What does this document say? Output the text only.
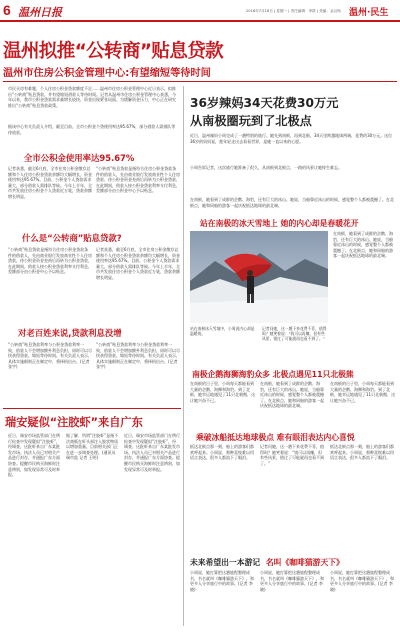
6 温州日报	2016年7月18日 | 星期一 | 责任编辑：李群 | 美编：金汉尚 温州·民生
温州拟推“公转商”贴息贷款
温州市住房公积金管理中心:有望缩短等待时间
市民买房有难题，个人住房公积金贷款额度不足……温州市住房公积金管理中心近日表示，拟推出“公转商”贴息贷款，并有望缩短借款人等待时间。记者从温州市住房公积金管理中心获悉，今年以来，我市公积金贷款需求量增长较快，资金出现紧张局面。为缓解资金压力，中心正在研究推出“公转商”贴息贷款政策。
据该中心有关负责人介绍，截至目前，全市公积金个贷使用率达95.67%，部分借款人需排队等待放款。
全市公积金使用率达95.67%
记者获悉，截至6月底，全市住房公积金缴存总额和个人住房公积金贷款余额均大幅增长，资金使用率达95.67%。目前，公积金个人贷款需求量大，部分借款人需排队等候。今年上半年，全市共发放住房公积金个人贷款近万笔，贷款余额增长明显。
“公转商”贴息贷款是指符合住房公积金贷款条件的借款人，先由商业银行发放商业性个人住房贷款，待公积金资金充裕后再转为公积金贷款，在此期间，借款人按公积金贷款利率支付利息，差额部分由公积金中心予以贴息。
什么是“公转商”贴息贷款?
“公转商”贴息贷款是指符合住房公积金贷款条件的借款人，先由商业银行发放商业性个人住房贷款，待公积金资金充裕后再转为公积金贷款，在此期间，借款人按公积金贷款利率支付利息，差额部分由公积金中心予以贴息。
记者获悉，截至6月底，全市住房公积金缴存总额和个人住房公积金贷款余额均大幅增长，资金使用率达95.67%。目前，公积金个人贷款需求量大，部分借款人需排队等候。今年上半年，全市共发放住房公积金个人贷款近万笔，贷款余额增长明显。
对老百姓来说,贷款利息没增
“公转商”贴息贷款利率与公积金贷款利率一致，借款人不会增加额外利息负担，同时可以尽快获得贷款、缩短等待时间。有关负责人表示，具体实施细则正在制定中，将择机出台。(记者 张宇)
“公转商”贴息贷款利率与公积金贷款利率一致，借款人不会增加额外利息负担，同时可以尽快获得贷款、缩短等待时间。有关负责人表示，具体实施细则正在制定中，将择机出台。(记者 张宇)
瑞安疑似“注胶虾”来自广东
近日，瑞安市场监管部门在例行检查中发现疑似“注胶虾”，经调查，这批虾来自广东某批发市场。执法人员已对相关产品进行封存，并通报广东方面协查。提醒市民购买海鲜时注意辨别，如发现异常可及时举报。
据了解，所谓“注胶虾”是指不法商贩在虾头部注入胶状物质以增加重量。目前相关部门正在进一步调查处理。(通讯员 瑞市监 记者 王明)
近日，瑞安市场监管部门在例行检查中发现疑似“注胶虾”，经调查，这批虾来自广东某批发市场。执法人员已对相关产品进行封存，并通报广东方面协查。提醒市民购买海鲜时注意辨别，如发现异常可及时举报。
36岁辣妈34天花费30万元
从南极圈玩到了北极点
近日，温州辣妈小周完成了一趟特别的旅行。她先到南极，再到北极，34天里跨越地球两端，花费约30万元。这位36岁的妈妈说，趁年轻走出去看看世界，是她一直以来的心愿。
小周告诉记者，这次旅行她准备了很久，从南极到北极点，一路的风景让她终生难忘。
在南极，她看到了成群的企鹅、海豹，还有巨大的冰山。她说，当船靠近冰山的时候，感觉整个人都被震撼了。在北极点，她和同船的游客一起庆祝抵达地球的最北端。
站在南极的冰天雪地上 她的内心却是春暖花开
站在南极冰天雪地中，小周说内心却是温暖的。
记者问她，这一趟下来花费不菲，值得吗？她笑着说：“钱可以再赚，但有些风景，错过了可能就再也看不到了。”
在南极，她看到了成群的企鹅、海豹，还有巨大的冰山。她说，当船靠近冰山的时候，感觉整个人都被震撼了。在北极点，她和同船的游客一起庆祝抵达地球的最北端。
南极企鹅海狮海豹众多 北极点遇见11只北极熊
在南极的日子里，小周每天都能看到大量的企鹅、海狮和海豹。到了北极，她幸运地遇见了11只北极熊，这让她兴奋不已。
在南极，她看到了成群的企鹅、海豹，还有巨大的冰山。她说，当船靠近冰山的时候，感觉整个人都被震撼了。在北极点，她和同船的游客一起庆祝抵达地球的最北端。
在南极的日子里，小周每天都能看到大量的企鹅、海狮和海豹。到了北极，她幸运地遇见了11只北极熊，这让她兴奋不已。
乘破冰船抵达地球极点 难有眼泪表达内心喜悦
抵达北极点那一刻，船上的游客们都欢呼起来。小周说，那种喜悦难以用语言表达，很多人都流下了眼泪。
记者问她，这一趟下来花费不菲，值得吗？她笑着说：“钱可以再赚，但有些风景，错过了可能就再也看不到了。”
抵达北极点那一刻，船上的游客们都欢呼起来。小周说，那种喜悦难以用语言表达，很多人都流下了眼泪。
未来希望出一本游记 名叫《咖啡猫游天下》
小周说，她打算把这趟旅程整理成书，书名就叫《咖啡猫游天下》，和更多人分享旅行中的故事。(记者 李晓)
小周说，她打算把这趟旅程整理成书，书名就叫《咖啡猫游天下》，和更多人分享旅行中的故事。(记者 李晓)
小周说，她打算把这趟旅程整理成书，书名就叫《咖啡猫游天下》，和更多人分享旅行中的故事。(记者 李晓)
